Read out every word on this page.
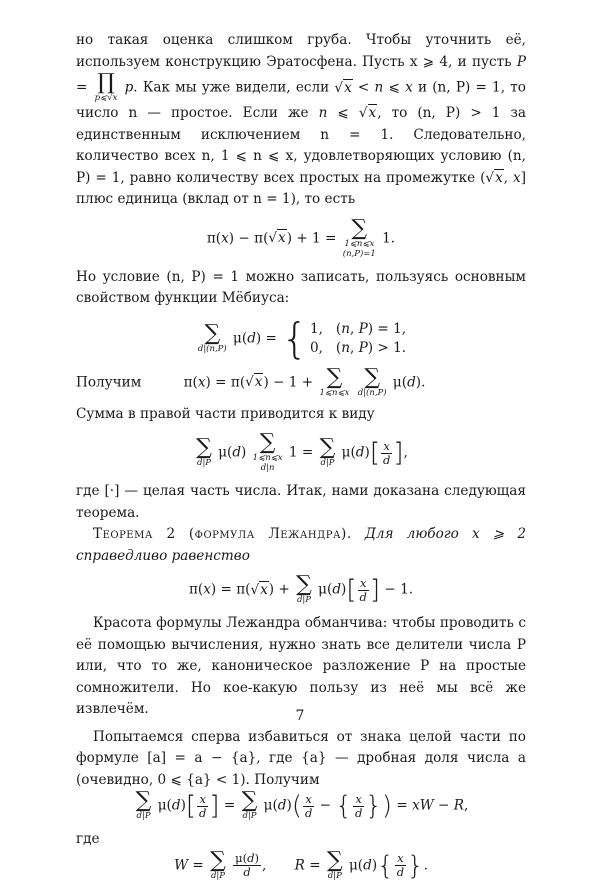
но такая оценка слишком груба. Чтобы уточнить её, используем конструкцию Эратосфена. Пусть x ⩾ 4, и пусть P = ∏
p⩽√x
p. Как мы уже видели, если √x < n ⩽ x и (n, P) = 1, то число n — простое. Если же n ⩽ √x, то (n, P) > 1 за единственным исключением n = 1. Следовательно, количество всех n, 1 ⩽ n ⩽ x, удовлетворяющих условию (n, P) = 1, равно количеству всех простых на промежутке (√x, x] плюс единица (вклад от n = 1), то есть

π(x) − π(√x) + 1 = ∑
1⩽n⩽x
(n,P)=1
1.

Но условие (n, P) = 1 можно записать, пользуясь основным свойством функции Мёбиуса:

∑
d|(n,P)
μ(d) = { 1,   (n, P) = 1,
0,   (n, P) > 1.

Получим	π(x) = π(√x) − 1 + ∑
1⩽n⩽x

∑
d|(n,P)
μ(d).

Сумма в правой части приводится к виду

∑
d|P
μ(d) ∑
1⩽n⩽x
d|n
1 = ∑
d|P
$\mu(d)[ \frac{x}{d}$ ],

где [·] — целая часть числа. Итак, нами доказана следующая теорема.

Теорема 2 (формула Лежандра). Для любого x ⩾ 2 справедливо равенство

π(x) = π(√x) + ∑
d|P
$\mu(d)[ \frac{x}{d}$ ] − 1.

Красота формулы Лежандра обманчива: чтобы проводить с её помощью вычисления, нужно знать все делители числа P или, что то же, каноническое разложение P на простые сомножители. Но кое-какую пользу из неё мы всё же извлечём.

Попытаемся сперва избавиться от знака целой части по формуле [a] = a − {a}, где {a} — дробная доля числа a (очевидно, 0 ⩽ {a} < 1). Получим

∑
d|P
$\mu(d)[ \frac{x}{d}$ ] = ∑
d|P
$\mu(d)( \frac{x}{d}$ − { $\frac{x}{d}$ }) = xW − R,

где

W = ∑
d|P
$\frac{\mu(d)}{d}$ , R = ∑
d|P
$\mu(d)\{ \frac{x}{d}$ }.
7
